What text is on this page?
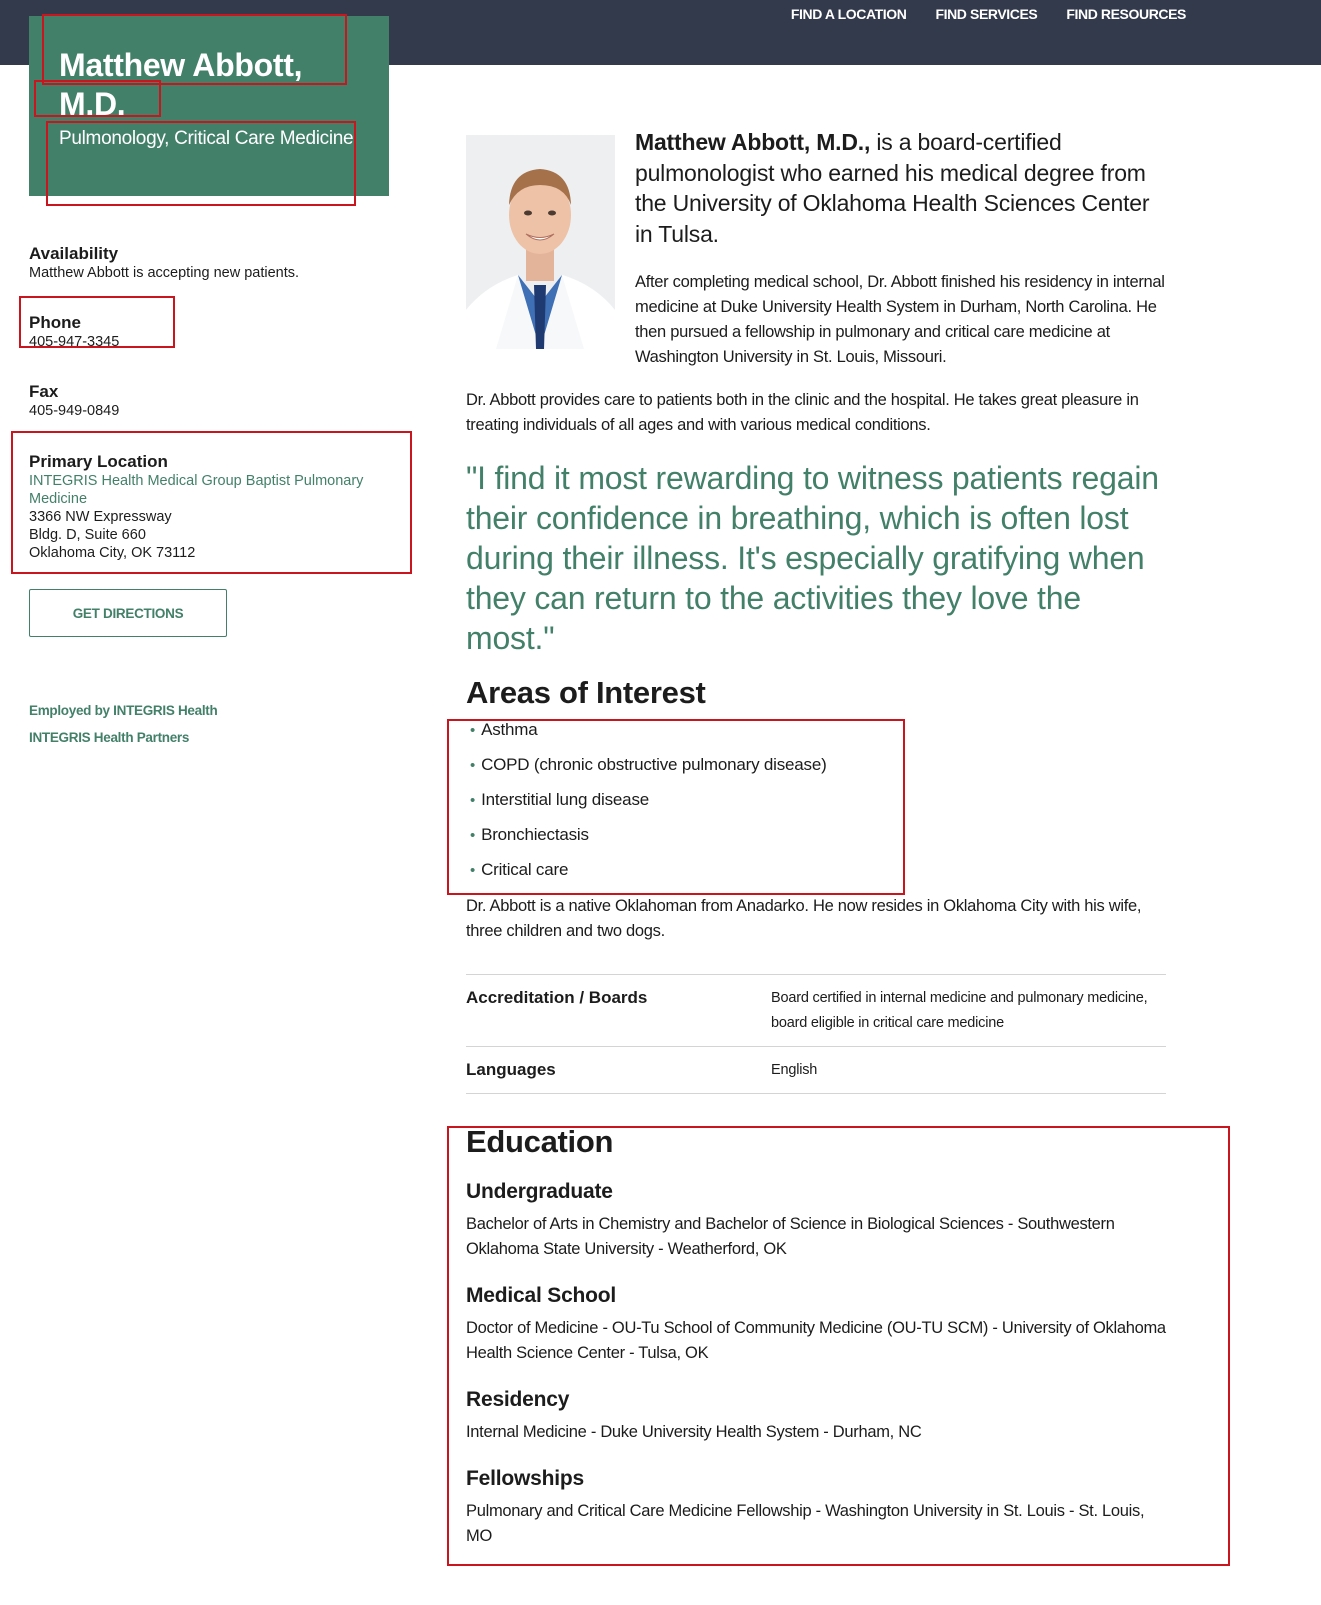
FIND A LOCATION FIND SERVICES FIND RESOURCES
Matthew Abbott,
M.D.
Pulmonology, Critical Care Medicine
Availability
Matthew Abbott is accepting new patients.
Phone
405-947-3345
Fax
405-949-0849
Primary Location
INTEGRIS Health Medical Group Baptist Pulmonary Medicine
3366 NW Expressway
Bldg. D, Suite 660
Oklahoma City, OK 73112
GET DIRECTIONS
Employed by INTEGRIS Health
INTEGRIS Health Partners
Matthew Abbott, M.D., is a board-certified pulmonologist who earned his medical degree from the University of Oklahoma Health Sciences Center in Tulsa.
After completing medical school, Dr. Abbott finished his residency in internal medicine at Duke University Health System in Durham, North Carolina. He then pursued a fellowship in pulmonary and critical care medicine at Washington University in St. Louis, Missouri.
Dr. Abbott provides care to patients both in the clinic and the hospital. He takes great pleasure in treating individuals of all ages and with various medical conditions.
"I find it most rewarding to witness patients regain their confidence in breathing, which is often lost during their illness. It's especially gratifying when they can return to the activities they love the most."
Areas of Interest
• Asthma
• COPD (chronic obstructive pulmonary disease)
• Interstitial lung disease
• Bronchiectasis
• Critical care
Dr. Abbott is a native Oklahoman from Anadarko. He now resides in Oklahoma City with his wife, three children and two dogs.
Accreditation / Boards	Board certified in internal medicine and pulmonary medicine, board eligible in critical care medicine
Languages	English
Education
Undergraduate
Bachelor of Arts in Chemistry and Bachelor of Science in Biological Sciences - Southwestern Oklahoma State University - Weatherford, OK
Medical School
Doctor of Medicine - OU-Tu School of Community Medicine (OU-TU SCM) - University of Oklahoma Health Science Center - Tulsa, OK
Residency
Internal Medicine - Duke University Health System - Durham, NC
Fellowships
Pulmonary and Critical Care Medicine Fellowship - Washington University in St. Louis - St. Louis, MO
